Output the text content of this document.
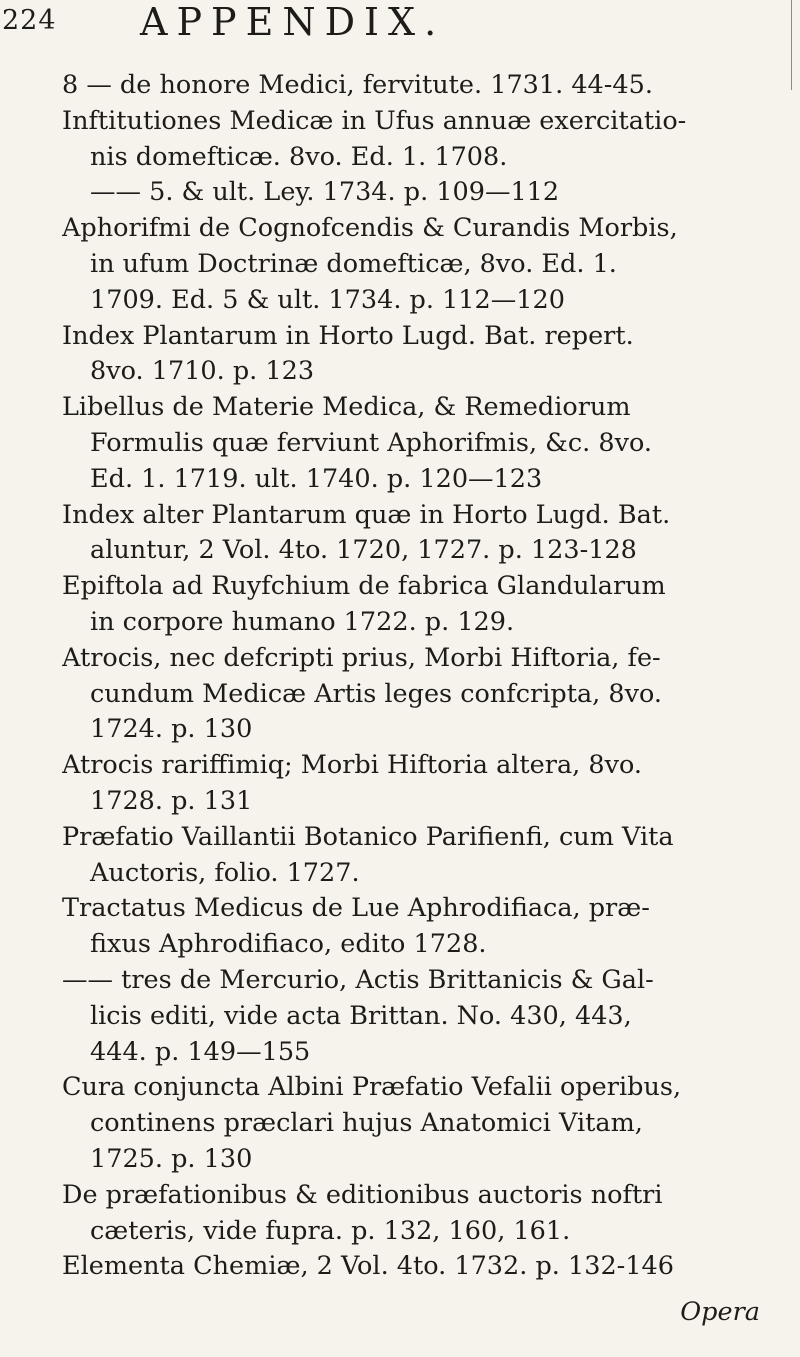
224 APPENDIX.
8 — de honore Medici, fervitute. 1731. 44-45.
Inftitutiones Medicæ in Ufus annuæ exercitatio-
nis domefticæ. 8vo. Ed. 1. 1708.
—— 5. & ult. Ley. 1734. p. 109—112
Aphorifmi de Cognofcendis & Curandis Morbis,
in ufum Doctrinæ domefticæ, 8vo. Ed. 1.
1709. Ed. 5 & ult. 1734. p. 112—120
Index Plantarum in Horto Lugd. Bat. repert.
8vo. 1710. p. 123
Libellus de Materie Medica, & Remediorum
Formulis quæ ferviunt Aphorifmis, &c. 8vo.
Ed. 1. 1719. ult. 1740. p. 120—123
Index alter Plantarum quæ in Horto Lugd. Bat.
aluntur, 2 Vol. 4to. 1720, 1727. p. 123-128
Epiftola ad Ruyfchium de fabrica Glandularum
in corpore humano 1722. p. 129.
Atrocis, nec defcripti prius, Morbi Hiftoria, fe-
cundum Medicæ Artis leges confcripta, 8vo.
1724. p. 130
Atrocis rariffimiq; Morbi Hiftoria altera, 8vo.
1728. p. 131
Præfatio Vaillantii Botanico Parifienfi, cum Vita
Auctoris, folio. 1727.
Tractatus Medicus de Lue Aphrodifiaca, præ-
fixus Aphrodifiaco, edito 1728.
—— tres de Mercurio, Actis Brittanicis & Gal-
licis editi, vide acta Brittan. No. 430, 443,
444. p. 149—155
Cura conjuncta Albini Præfatio Vefalii operibus,
continens præclari hujus Anatomici Vitam,
1725. p. 130
De præfationibus & editionibus auctoris noftri
cæteris, vide fupra. p. 132, 160, 161.
Elementa Chemiæ, 2 Vol. 4to. 1732. p. 132-146
Opera
